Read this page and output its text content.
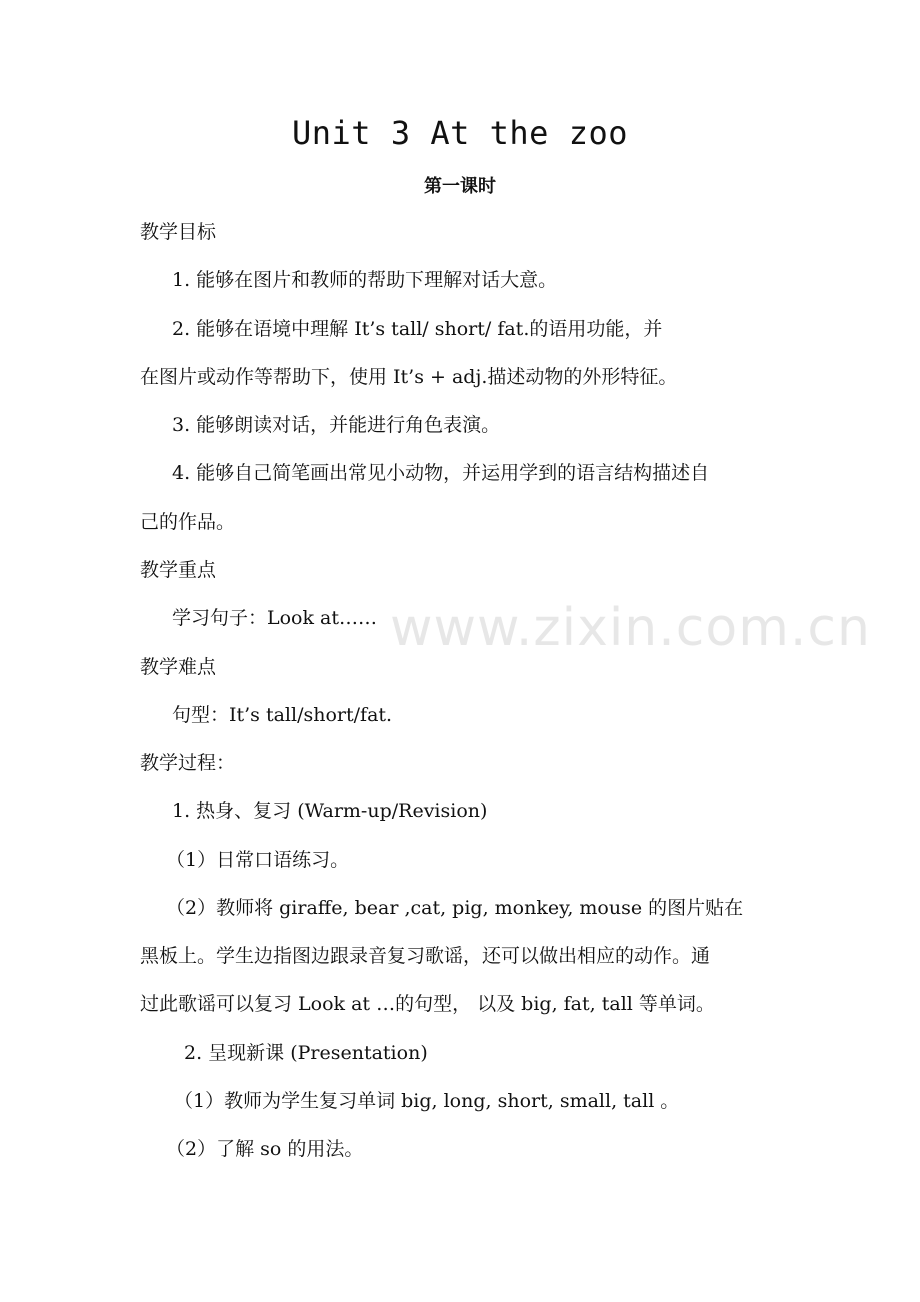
www.zixin.com.cn
Unit 3 At the zoo
第一课时
教学目标
1. 能够在图片和教师的帮助下理解对话大意。
2. 能够在语境中理解 It’s tall/ short/ fat.的语用功能，并
在图片或动作等帮助下，使用 It’s + adj.描述动物的外形特征。
3. 能够朗读对话，并能进行角色表演。
4. 能够自己简笔画出常见小动物，并运用学到的语言结构描述自
己的作品。
教学重点
学习句子：Look at……
教学难点
句型：It’s tall/short/fat.
教学过程：
1. 热身、复习 (Warm-up/Revision)
（1）日常口语练习。
（2）教师将 giraffe, bear ,cat, pig, monkey, mouse 的图片贴在
黑板上。学生边指图边跟录音复习歌谣，还可以做出相应的动作。通
过此歌谣可以复习 Look at …的句型， 以及 big, fat, tall 等单词。
2. 呈现新课 (Presentation)
（1）教师为学生复习单词 big, long, short, small, tall 。
（2）了解 so 的用法。
